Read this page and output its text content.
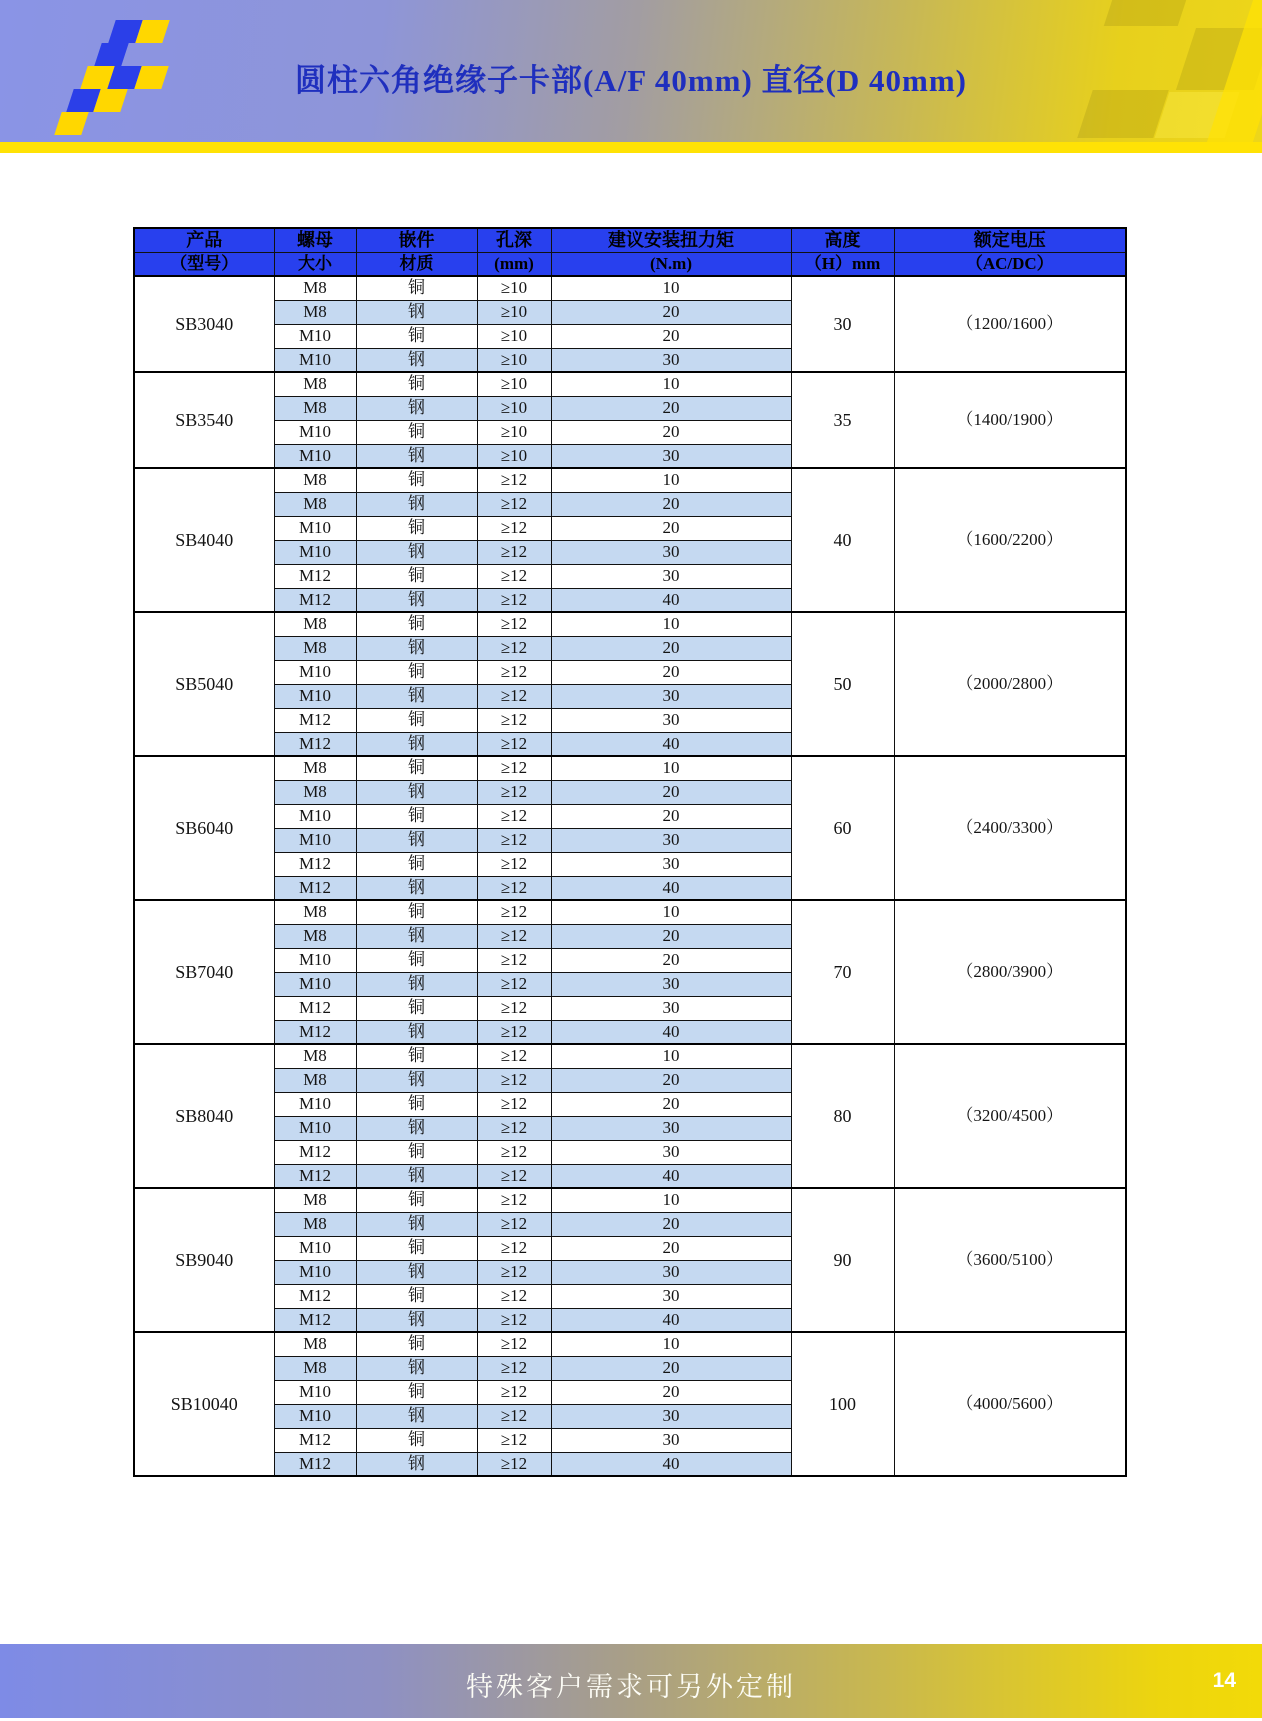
圆柱六角绝缘子卡部(A/F 40mm) 直径(D 40mm)
产品	螺母	嵌件	孔深	建议安装扭力矩	高度	额定电压
（型号）	大小	材质	(mm)	(N.m)	（H）mm	（AC/DC）
SB3040	M8	铜	≥10	10	30	（1200/1600）
	M8	钢	≥10	20		
	M10	铜	≥10	20		
	M10	钢	≥10	30		
SB3540	M8	铜	≥10	10	35	（1400/1900）
	M8	钢	≥10	20		
	M10	铜	≥10	20		
	M10	钢	≥10	30		
SB4040	M8	铜	≥12	10	40	（1600/2200）
	M8	钢	≥12	20		
	M10	铜	≥12	20		
	M10	钢	≥12	30		
	M12	铜	≥12	30		
	M12	钢	≥12	40		
SB5040	M8	铜	≥12	10	50	（2000/2800）
	M8	钢	≥12	20		
	M10	铜	≥12	20		
	M10	钢	≥12	30		
	M12	铜	≥12	30		
	M12	钢	≥12	40		
SB6040	M8	铜	≥12	10	60	（2400/3300）
	M8	钢	≥12	20		
	M10	铜	≥12	20		
	M10	钢	≥12	30		
	M12	铜	≥12	30		
	M12	钢	≥12	40		
SB7040	M8	铜	≥12	10	70	（2800/3900）
	M8	钢	≥12	20		
	M10	铜	≥12	20		
	M10	钢	≥12	30		
	M12	铜	≥12	30		
	M12	钢	≥12	40		
SB8040	M8	铜	≥12	10	80	（3200/4500）
	M8	钢	≥12	20		
	M10	铜	≥12	20		
	M10	钢	≥12	30		
	M12	铜	≥12	30		
	M12	钢	≥12	40		
SB9040	M8	铜	≥12	10	90	（3600/5100）
	M8	钢	≥12	20		
	M10	铜	≥12	20		
	M10	钢	≥12	30		
	M12	铜	≥12	30		
	M12	钢	≥12	40		
SB10040	M8	铜	≥12	10	100	（4000/5600）
	M8	钢	≥12	20		
	M10	铜	≥12	20		
	M10	钢	≥12	30		
	M12	铜	≥12	30		
	M12	钢	≥12	40		
特殊客户需求可另外定制	14
